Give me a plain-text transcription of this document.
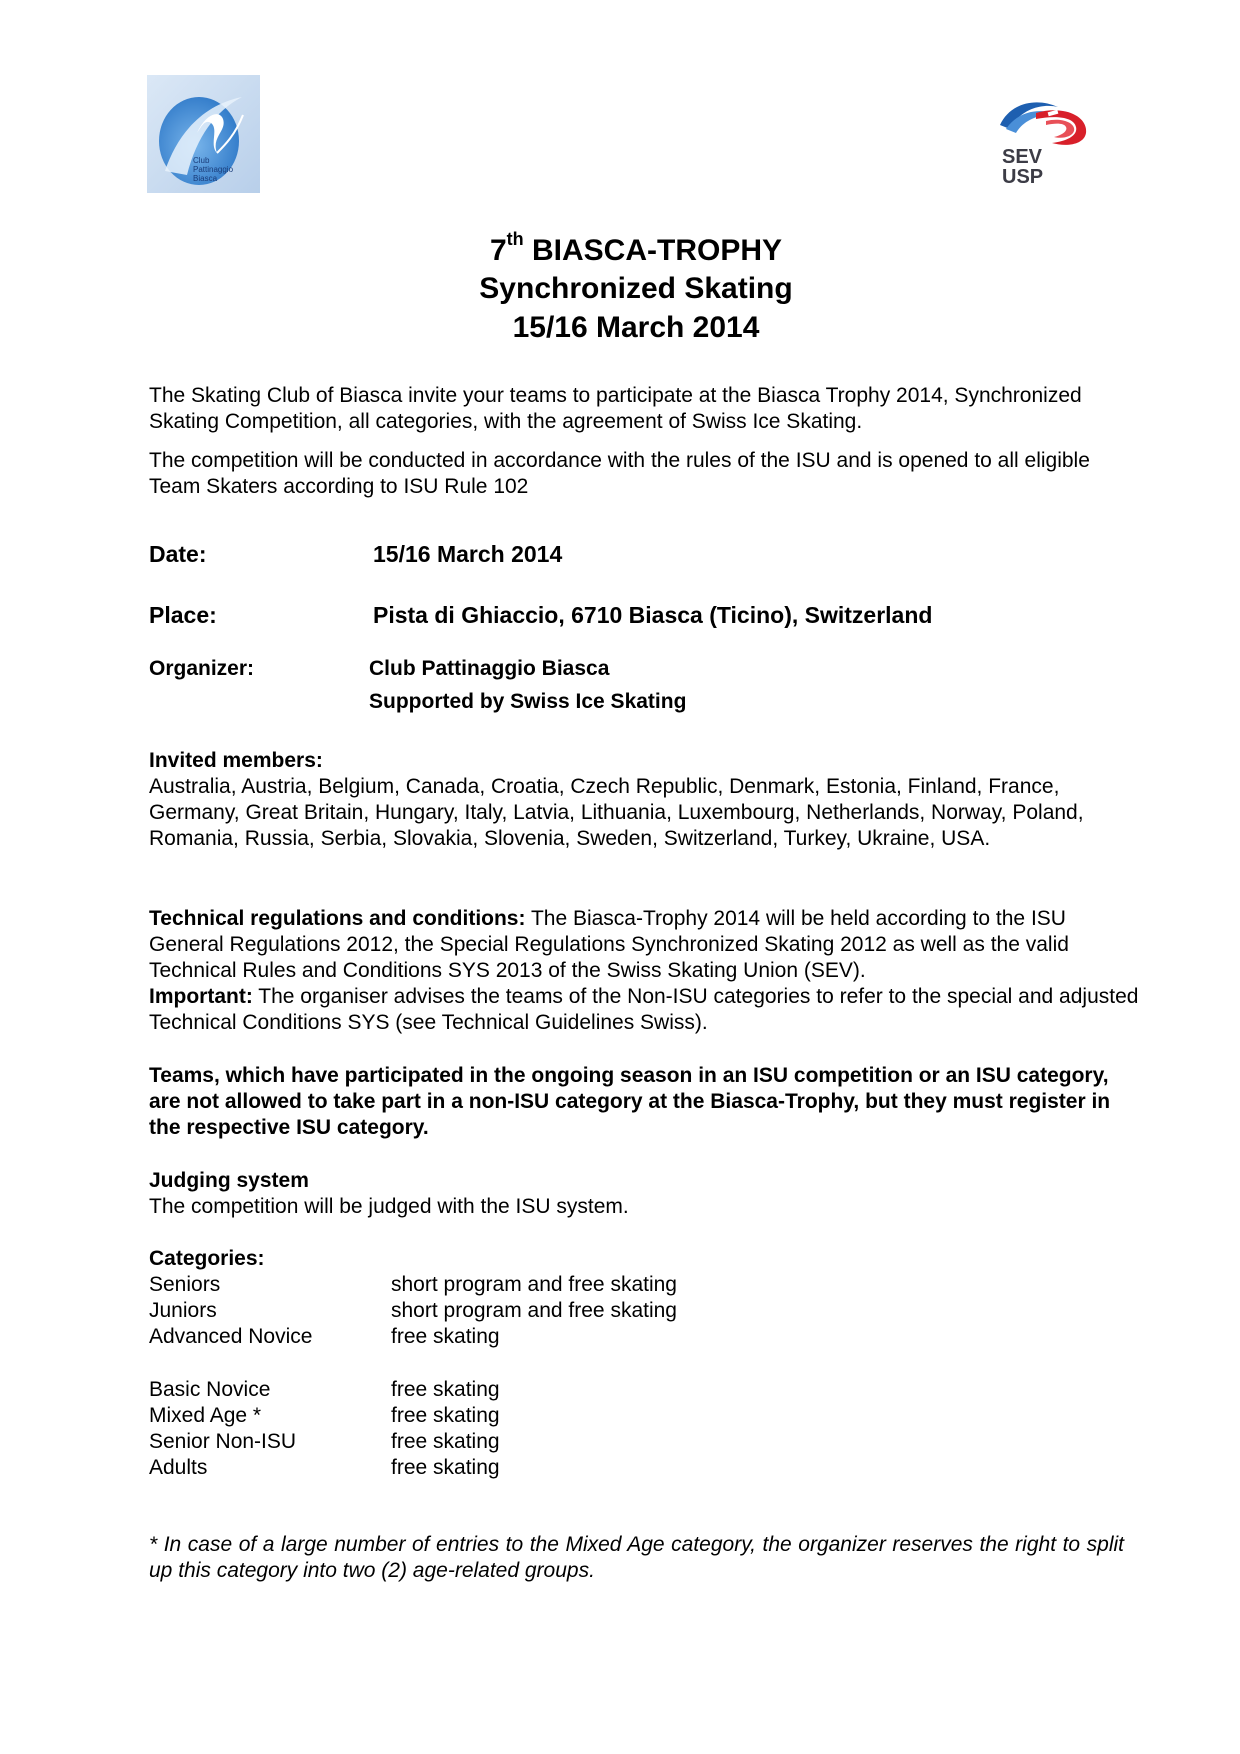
Club
Pattinaggio
Biasca
SEV
USP
7th BIASCA-TROPHY
Synchronized Skating
15/16 March 2014
The Skating Club of Biasca invite your teams to participate at the Biasca Trophy 2014, Synchronized Skating Competition, all categories, with the agreement of Swiss Ice Skating.
The competition will be conducted in accordance with the rules of the ISU and is opened to all eligible Team Skaters according to ISU Rule 102
Date:	15/16 March 2014
Place:	Pista di Ghiaccio, 6710 Biasca (Ticino), Switzerland
Organizer:	Club Pattinaggio Biasca
Supported by Swiss Ice Skating
Invited members:
Australia, Austria, Belgium, Canada, Croatia, Czech Republic, Denmark, Estonia, Finland, France, Germany, Great Britain, Hungary, Italy, Latvia, Lithuania, Luxembourg, Netherlands, Norway, Poland, Romania, Russia, Serbia, Slovakia, Slovenia, Sweden, Switzerland, Turkey, Ukraine, USA.
Technical regulations and conditions: The Biasca-Trophy 2014 will be held according to the ISU General Regulations 2012, the Special Regulations Synchronized Skating 2012 as well as the valid Technical Rules and Conditions SYS 2013 of the Swiss Skating Union (SEV).
Important: The organiser advises the teams of the Non-ISU categories to refer to the special and adjusted Technical Conditions SYS (see Technical Guidelines Swiss).
Teams, which have participated in the ongoing season in an ISU competition or an ISU category, are not allowed to take part in a non-ISU category at the Biasca-Trophy, but they must register in the respective ISU category.
Judging system
The competition will be judged with the ISU system.
Categories:
Seniors	short program and free skating
Juniors	short program and free skating
Advanced Novice	free skating
Basic Novice	free skating
Mixed Age *	free skating
Senior Non-ISU	free skating
Adults	free skating
* In case of a large number of entries to the Mixed Age category, the organizer reserves the right to split up this category into two (2) age-related groups.
